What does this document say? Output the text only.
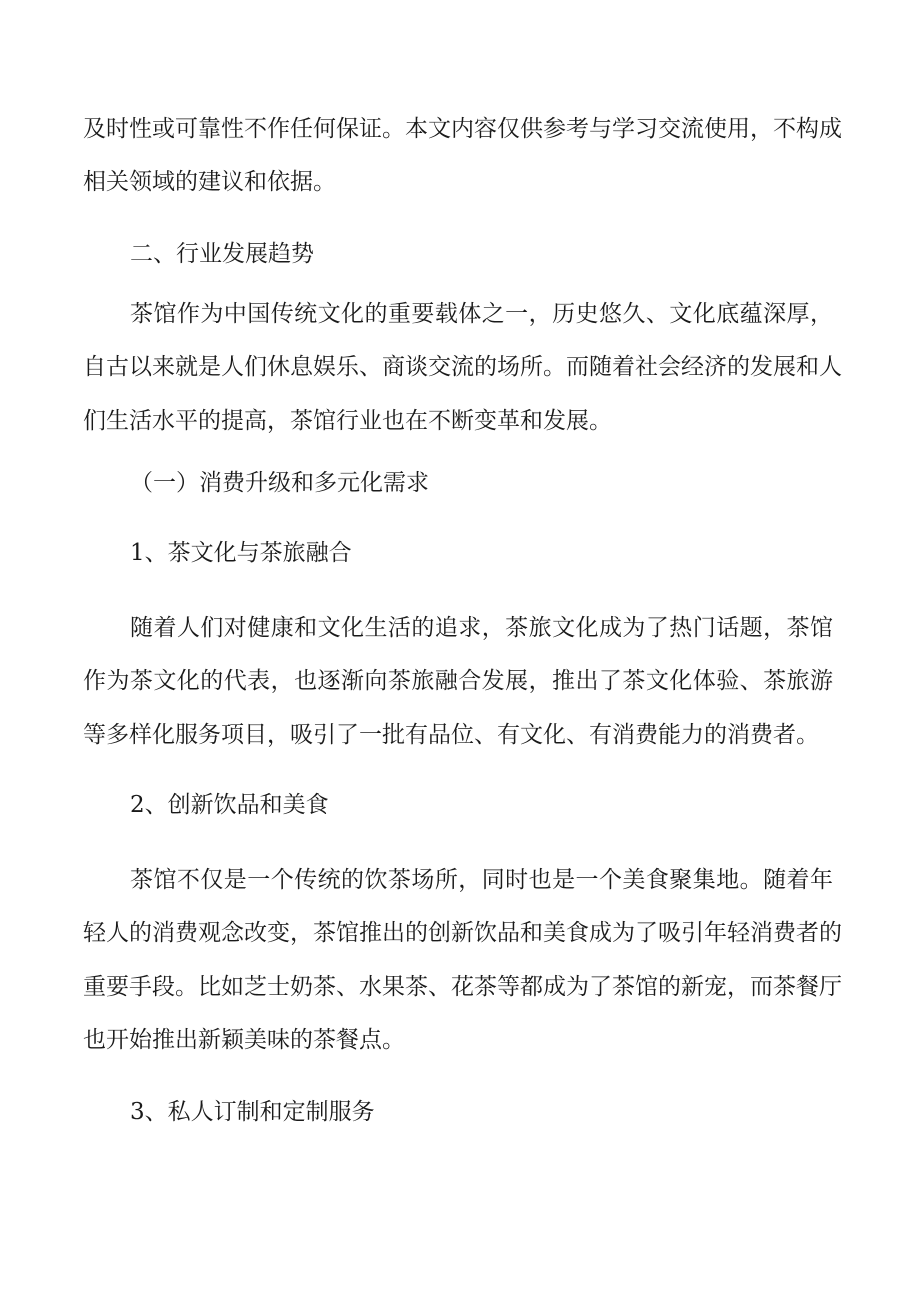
及时性或可靠性不作任何保证。本文内容仅供参考与学习交流使用，不构成
相关领域的建议和依据。
二、行业发展趋势
茶馆作为中国传统文化的重要载体之一，历史悠久、文化底蕴深厚，
自古以来就是人们休息娱乐、商谈交流的场所。而随着社会经济的发展和人
们生活水平的提高，茶馆行业也在不断变革和发展。
（一）消费升级和多元化需求
1、茶文化与茶旅融合
随着人们对健康和文化生活的追求，茶旅文化成为了热门话题，茶馆
作为茶文化的代表，也逐渐向茶旅融合发展，推出了茶文化体验、茶旅游
等多样化服务项目，吸引了一批有品位、有文化、有消费能力的消费者。
2、创新饮品和美食
茶馆不仅是一个传统的饮茶场所，同时也是一个美食聚集地。随着年
轻人的消费观念改变，茶馆推出的创新饮品和美食成为了吸引年轻消费者的
重要手段。比如芝士奶茶、水果茶、花茶等都成为了茶馆的新宠，而茶餐厅
也开始推出新颖美味的茶餐点。
3、私人订制和定制服务
